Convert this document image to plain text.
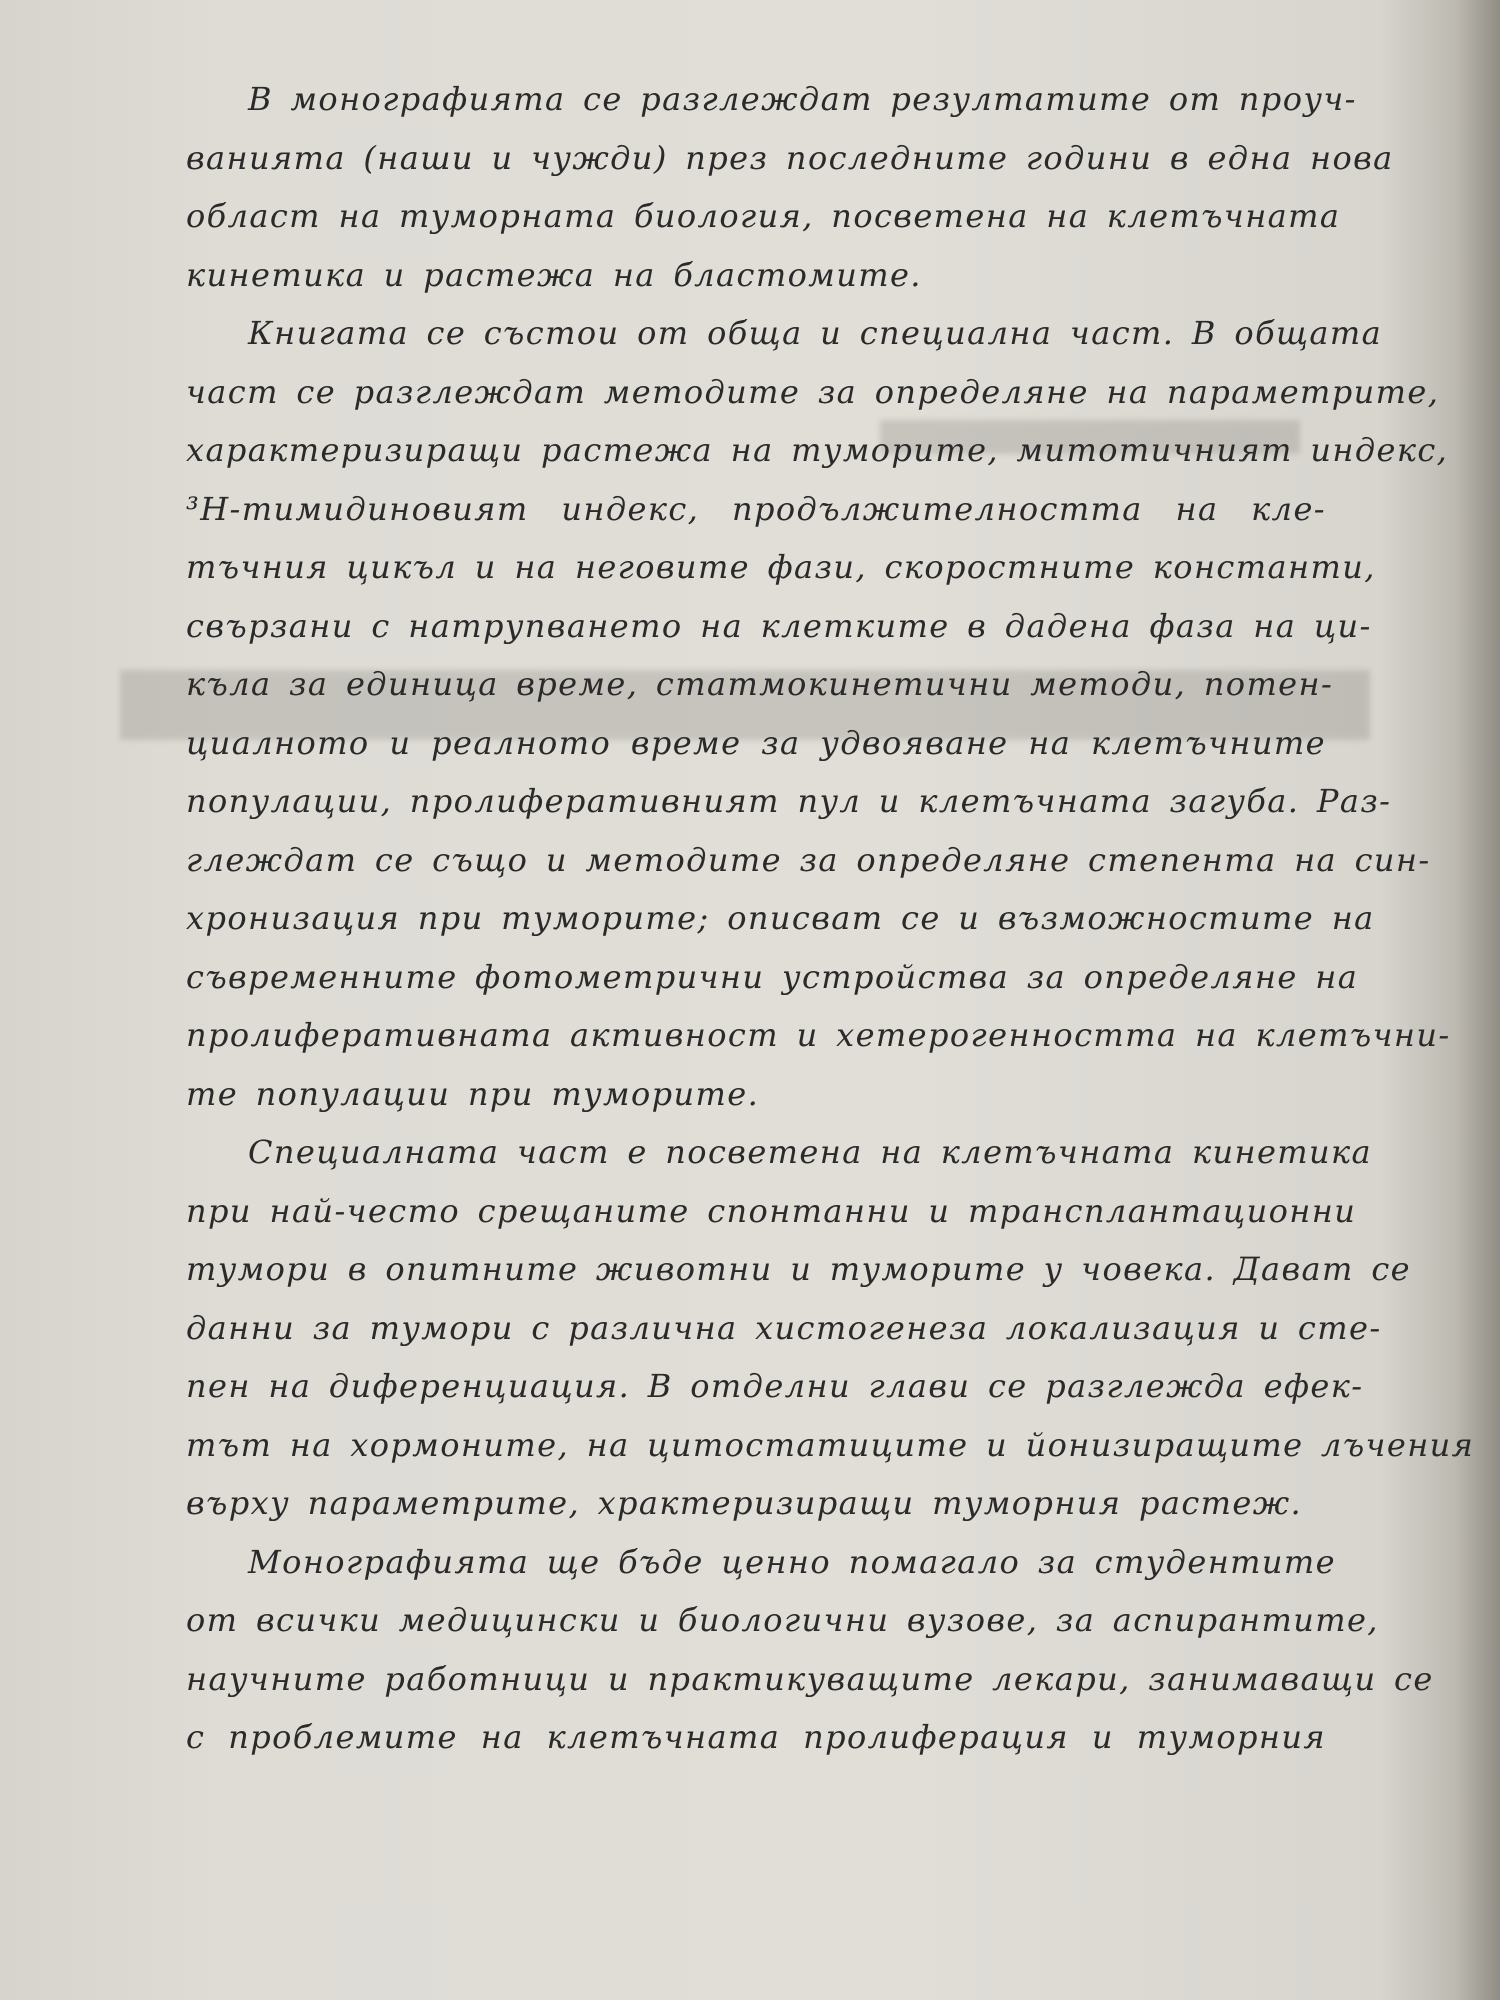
В монографията се разглеждат резултатите от проуч-
ванията (наши и чужди) през последните години в една нова
област на туморната биология, посветена на клетъчната
кинетика и растежа на бластомите.
Книгата се състои от обща и специална част. В общата
част се разглеждат методите за определяне на параметрите,
характеризиращи растежа на туморите, митотичният индекс,
³H-тимидиновият индекс, продължителността на кле-
тъчния цикъл и на неговите фази, скоростните константи,
свързани с натрупването на клетките в дадена фаза на ци-
къла за единица време, статмокинетични методи, потен-
циалното и реалното време за удвояване на клетъчните
популации, пролиферативният пул и клетъчната загуба. Раз-
глеждат се също и методите за определяне степента на син-
хронизация при туморите; описват се и възможностите на
съвременните фотометрични устройства за определяне на
пролиферативната активност и хетерогенността на клетъчни-
те популации при туморите.
Специалната част е посветена на клетъчната кинетика
при най-често срещаните спонтанни и трансплантационни
тумори в опитните животни и туморите у човека. Дават се
данни за тумори с различна хистогенеза локализация и сте-
пен на диференциация. В отделни глави се разглежда ефек-
тът на хормоните, на цитостатиците и йонизиращите лъчения
върху параметрите, храктеризиращи туморния растеж.
Монографията ще бъде ценно помагало за студентите
от всички медицински и биологични вузове, за аспирантите,
научните работници и практикуващите лекари, занимаващи се
с проблемите на клетъчната пролиферация и туморния
